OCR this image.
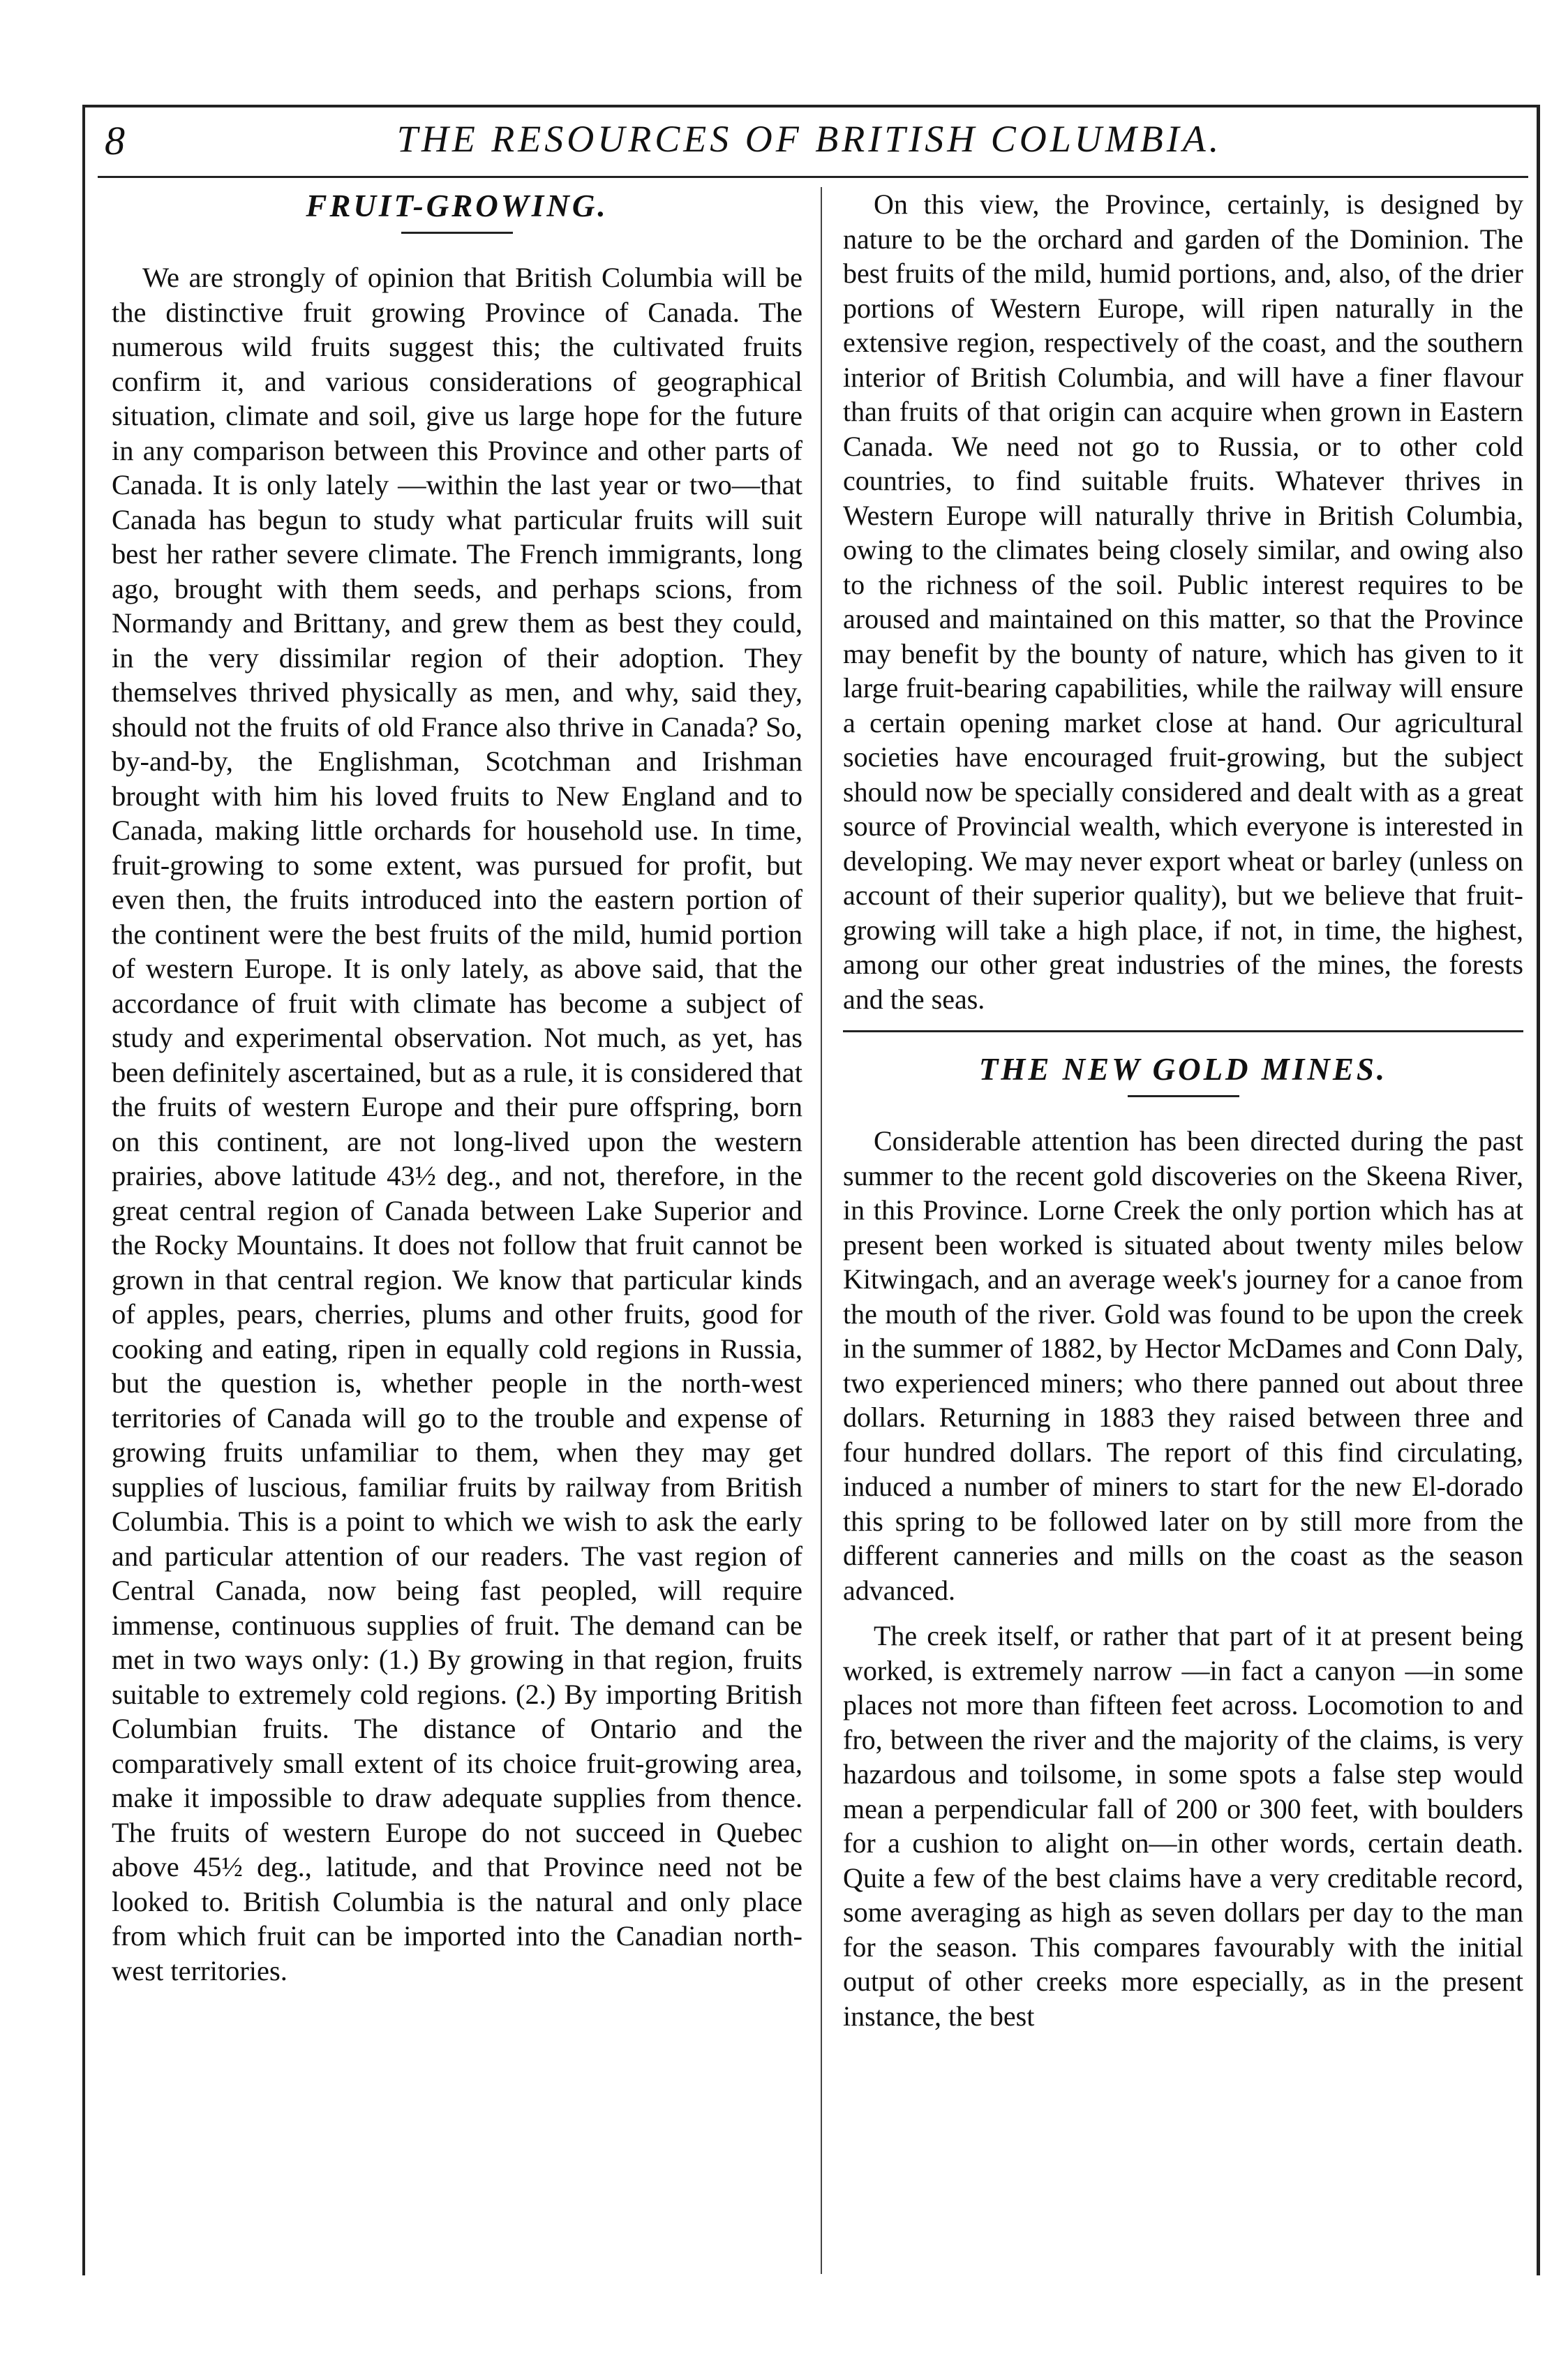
8	THE RESOURCES OF BRITISH COLUMBIA.
FRUIT-GROWING.

We are strongly of opinion that British Columbia will be the distinctive fruit growing Province of Canada. The numerous wild fruits suggest this; the cultivated fruits confirm it, and various considerations of geographical situation, climate and soil, give us large hope for the future in any comparison between this Province and other parts of Canada. It is only lately —within the last year or two—that Canada has begun to study what particular fruits will suit best her rather severe climate. The French immigrants, long ago, brought with them seeds, and perhaps scions, from Normandy and Brittany, and grew them as best they could, in the very dissimilar region of their adoption. They themselves thrived physically as men, and why, said they, should not the fruits of old France also thrive in Canada? So, by-and-by, the Englishman, Scotchman and Irishman brought with him his loved fruits to New England and to Canada, making little orchards for household use. In time, fruit-growing to some extent, was pursued for profit, but even then, the fruits introduced into the eastern portion of the continent were the best fruits of the mild, humid portion of western Europe. It is only lately, as above said, that the accordance of fruit with climate has become a subject of study and experimental observation. Not much, as yet, has been definitely ascertained, but as a rule, it is considered that the fruits of western Europe and their pure offspring, born on this continent, are not long-lived upon the western prairies, above latitude 43½ deg., and not, therefore, in the great central region of Canada between Lake Superior and the Rocky Mountains. It does not follow that fruit cannot be grown in that central region. We know that particular kinds of apples, pears, cherries, plums and other fruits, good for cooking and eating, ripen in equally cold regions in Russia, but the question is, whether people in the north-west territories of Canada will go to the trouble and expense of growing fruits unfamiliar to them, when they may get supplies of luscious, familiar fruits by railway from British Columbia. This is a point to which we wish to ask the early and particular attention of our readers. The vast region of Central Canada, now being fast peopled, will require immense, continuous supplies of fruit. The demand can be met in two ways only: (1.) By growing in that region, fruits suitable to extremely cold regions. (2.) By importing British Columbian fruits. The distance of Ontario and the comparatively small extent of its choice fruit-growing area, make it impossible to draw adequate supplies from thence. The fruits of western Europe do not succeed in Quebec above 45½ deg., latitude, and that Province need not be looked to. British Columbia is the natural and only place from which fruit can be imported into the Canadian north-west territories.

On this view, the Province, certainly, is designed by nature to be the orchard and garden of the Dominion. The best fruits of the mild, humid portions, and, also, of the drier portions of Western Europe, will ripen naturally in the extensive region, respectively of the coast, and the southern interior of British Columbia, and will have a finer flavour than fruits of that origin can acquire when grown in Eastern Canada. We need not go to Russia, or to other cold countries, to find suitable fruits. Whatever thrives in Western Europe will naturally thrive in British Columbia, owing to the climates being closely similar, and owing also to the richness of the soil. Public interest requires to be aroused and maintained on this matter, so that the Province may benefit by the bounty of nature, which has given to it large fruit-bearing capabilities, while the railway will ensure a certain opening market close at hand. Our agricultural societies have encouraged fruit-growing, but the subject should now be specially considered and dealt with as a great source of Provincial wealth, which everyone is interested in developing. We may never export wheat or barley (unless on account of their superior quality), but we believe that fruit-growing will take a high place, if not, in time, the highest, among our other great industries of the mines, the forests and the seas.

THE NEW GOLD MINES.

Considerable attention has been directed during the past summer to the recent gold discoveries on the Skeena River, in this Province. Lorne Creek the only portion which has at present been worked is situated about twenty miles below Kitwingach, and an average week's journey for a canoe from the mouth of the river. Gold was found to be upon the creek in the summer of 1882, by Hector McDames and Conn Daly, two experienced miners; who there panned out about three dollars. Returning in 1883 they raised between three and four hundred dollars. The report of this find circulating, induced a number of miners to start for the new El-dorado this spring to be followed later on by still more from the different canneries and mills on the coast as the season advanced.

The creek itself, or rather that part of it at present being worked, is extremely narrow —in fact a canyon —in some places not more than fifteen feet across. Locomotion to and fro, between the river and the majority of the claims, is very hazardous and toilsome, in some spots a false step would mean a perpendicular fall of 200 or 300 feet, with boulders for a cushion to alight on—in other words, certain death. Quite a few of the best claims have a very creditable record, some averaging as high as seven dollars per day to the man for the season. This compares favourably with the initial output of other creeks more especially, as in the present instance, the best
